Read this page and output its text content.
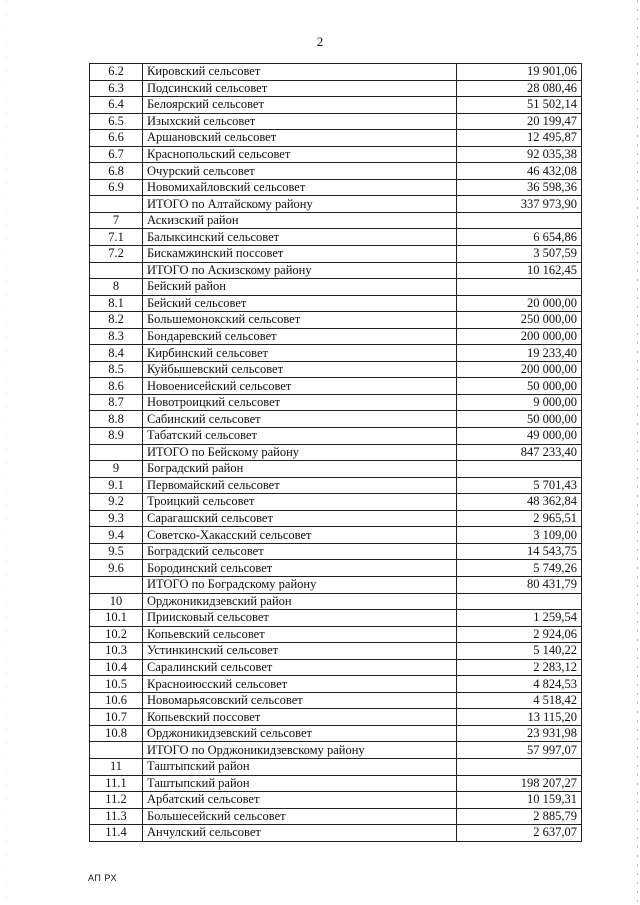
2
6.2	Кировский сельсовет	19 901,06
6.3	Подсинский сельсовет	28 080,46
6.4	Белоярский сельсовет	51 502,14
6.5	Изыхский сельсовет	20 199,47
6.6	Аршановский сельсовет	12 495,87
6.7	Краснопольский сельсовет	92 035,38
6.8	Очурский сельсовет	46 432,08
6.9	Новомихайловский сельсовет	36 598,36
	ИТОГО по Алтайскому району	337 973,90
7	Аскизский район	
7.1	Балыксинский сельсовет	6 654,86
7.2	Бискамжинский поссовет	3 507,59
	ИТОГО по Аскизскому району	10 162,45
8	Бейский район	
8.1	Бейский сельсовет	20 000,00
8.2	Большемонокский сельсовет	250 000,00
8.3	Бондаревский сельсовет	200 000,00
8.4	Кирбинский сельсовет	19 233,40
8.5	Куйбышевский сельсовет	200 000,00
8.6	Новоенисейский сельсовет	50 000,00
8.7	Новотроицкий сельсовет	9 000,00
8.8	Сабинский сельсовет	50 000,00
8.9	Табатский сельсовет	49 000,00
	ИТОГО по Бейскому району	847 233,40
9	Боградский район	
9.1	Первомайский сельсовет	5 701,43
9.2	Троицкий сельсовет	48 362,84
9.3	Сарагашский сельсовет	2 965,51
9.4	Советско-Хакасский сельсовет	3 109,00
9.5	Боградский сельсовет	14 543,75
9.6	Бородинский сельсовет	5 749,26
	ИТОГО по Боградскому району	80 431,79
10	Орджоникидзевский район	
10.1	Приисковый сельсовет	1 259,54
10.2	Копьевский сельсовет	2 924,06
10.3	Устинкинский сельсовет	5 140,22
10.4	Саралинский сельсовет	2 283,12
10.5	Красноиюсский сельсовет	4 824,53
10.6	Новомарьясовский сельсовет	4 518,42
10.7	Копьевский поссовет	13 115,20
10.8	Орджоникидзевский сельсовет	23 931,98
	ИТОГО по Орджоникидзевскому району	57 997,07
11	Таштыпский район	
11.1	Таштыпский район	198 207,27
11.2	Арбатский сельсовет	10 159,31
11.3	Большесейский сельсовет	2 885,79
11.4	Анчулский сельсовет	2 637,07
АП РХ
